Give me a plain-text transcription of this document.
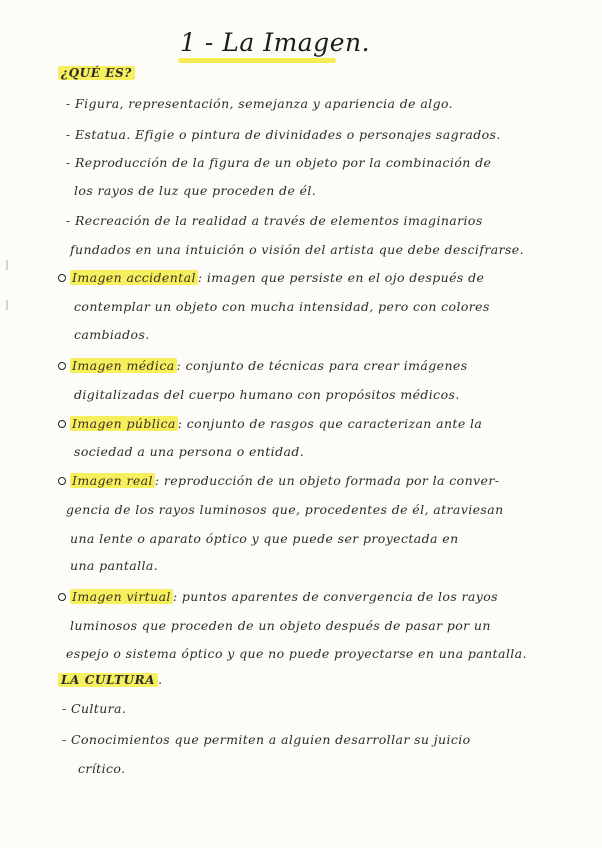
1 - La Imagen.
¿QUÉ ES?
- Figura, representación, semejanza y apariencia de algo.
- Estatua. Efigie o pintura de divinidades o personajes sagrados.
- Reproducción de la figura de un objeto por la combinación de
los rayos de luz que proceden de él.
- Recreación de la realidad a través de elementos imaginarios
fundados en una intuición o visión del artista que debe descifrarse.
Imagen accidental : imagen que persiste en el ojo después de
contemplar un objeto con mucha intensidad, pero con colores
cambiados.
Imagen médica : conjunto de técnicas para crear imágenes
digitalizadas del cuerpo humano con propósitos médicos.
Imagen pública : conjunto de rasgos que caracterizan ante la
sociedad a una persona o entidad.
Imagen real : reproducción de un objeto formada por la conver-
gencia de los rayos luminosos que, procedentes de él, atraviesan
una lente o aparato óptico y que puede ser proyectada en
una pantalla.
Imagen virtual : puntos aparentes de convergencia de los rayos
luminosos que proceden de un objeto después de pasar por un
espejo o sistema óptico y que no puede proyectarse en una pantalla.
LA CULTURA .
- Cultura.
- Conocimientos que permiten a alguien desarrollar su juicio
crítico.
